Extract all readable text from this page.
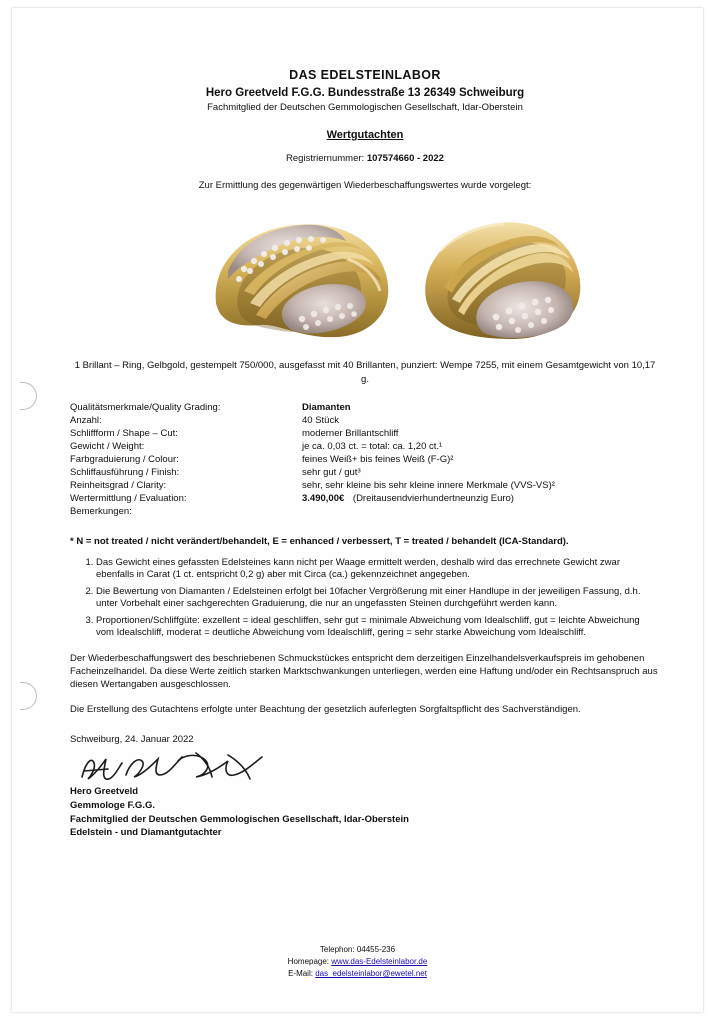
DAS EDELSTEINLABOR
Hero Greetveld F.G.G. Bundesstraße 13 26349 Schweiburg
Fachmitglied der Deutschen Gemmologischen Gesellschaft, Idar-Oberstein
Wertgutachten
Registriernummer: 107574660 - 2022
Zur Ermittlung des gegenwärtigen Wiederbeschaffungswertes wurde vorgelegt:
1 Brillant – Ring, Gelbgold, gestempelt 750/000, ausgefasst mit 40 Brillanten, punziert: Wempe 7255, mit einem Gesamtgewicht von 10,17 g.
Qualitätsmerkmale/Quality Grading:	Diamanten
Anzahl:	40 Stück
Schliffform / Shape – Cut:	moderner Brillantschliff
Gewicht / Weight:	je ca. 0,03 ct. = total: ca. 1,20 ct.¹
Farbgraduierung / Colour:	feines Weiß+ bis feines Weiß (F-G)²
Schliffausführung / Finish:	sehr gut / gut³
Reinheitsgrad / Clarity:	sehr, sehr kleine bis sehr kleine innere Merkmale (VVS-VS)²
Wertermittlung / Evaluation:	3.490,00€ (Dreitausendvierhundertneunzig Euro)
Bemerkungen:	
* N = not treated / nicht verändert/behandelt, E = enhanced / verbessert, T = treated / behandelt (ICA-Standard).
1. Das Gewicht eines gefassten Edelsteines kann nicht per Waage ermittelt werden, deshalb wird das errechnete Gewicht zwar ebenfalls in Carat (1 ct. entspricht 0,2 g) aber mit Circa (ca.) gekennzeichnet angegeben.
2. Die Bewertung von Diamanten / Edelsteinen erfolgt bei 10facher Vergrößerung mit einer Handlupe in der jeweiligen Fassung, d.h. unter Vorbehalt einer sachgerechten Graduierung, die nur an ungefassten Steinen durchgeführt werden kann.
3. Proportionen/Schliffgüte: exzellent = ideal geschliffen, sehr gut = minimale Abweichung vom Idealschliff, gut = leichte Abweichung vom Idealschliff, moderat = deutliche Abweichung vom Idealschliff, gering = sehr starke Abweichung vom Idealschliff.
Der Wiederbeschaffungswert des beschriebenen Schmuckstückes entspricht dem derzeitigen Einzelhandelsverkaufspreis im gehobenen Facheinzelhandel. Da diese Werte zeitlich starken Marktschwankungen unterliegen, werden eine Haftung und/oder ein Rechtsanspruch aus diesen Wertangaben ausgeschlossen.
Die Erstellung des Gutachtens erfolgte unter Beachtung der gesetzlich auferlegten Sorgfaltspflicht des Sachverständigen.
Schweiburg, 24. Januar 2022
Hero Greetveld
Gemmologe F.G.G.
Fachmitglied der Deutschen Gemmologischen Gesellschaft, Idar-Oberstein
Edelstein - und Diamantgutachter
Telephon: 04455-236
Homepage: www.das-Edelsteinlabor.de
E-Mail: das_edelsteinlabor@ewetel.net
